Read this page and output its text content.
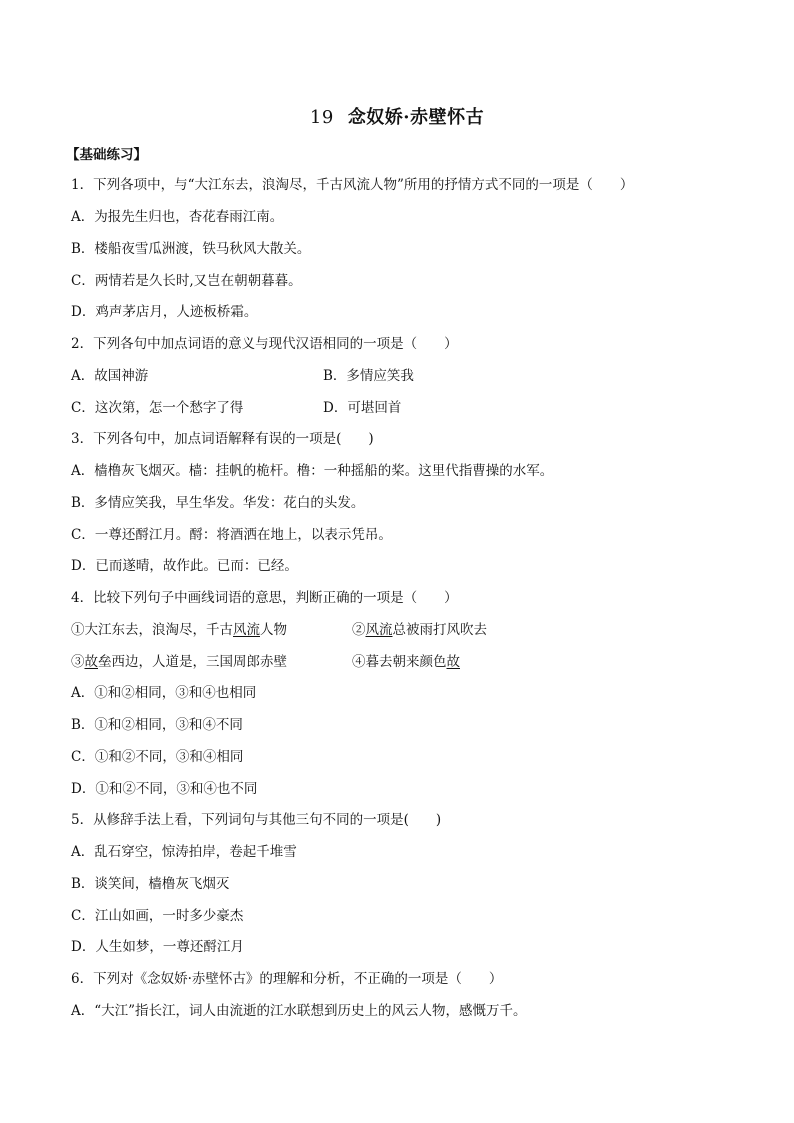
19 念奴娇·赤壁怀古
【基础练习】
1．下列各项中，与“大江东去，浪淘尽，千古风流人物”所用的抒情方式不同的一项是（　　）
A．为报先生归也，杏花春雨江南。
B．楼船夜雪瓜洲渡，铁马秋风大散关。
C．两情若是久长时,又岂在朝朝暮暮。
D．鸡声茅店月，人迹板桥霜。
2．下列各句中加点词语的意义与现代汉语相同的一项是（　　）
A．故国神游	B．多情应笑我
C．这次第，怎一个愁字了得	D．可堪回首
3．下列各句中，加点词语解释有误的一项是(　　)
A．樯橹灰飞烟灭。樯：挂帆的桅杆。橹：一种摇船的桨。这里代指曹操的水军。
B．多情应笑我，早生华发。华发：花白的头发。
C．一尊还酹江月。酹：将酒洒在地上，以表示凭吊。
D．已而遂晴，故作此。已而：已经。
4．比较下列句子中画线词语的意思，判断正确的一项是（　　）
①大江东去，浪淘尽，千古风流人物	②风流总被雨打风吹去
③故垒西边，人道是，三国周郎赤壁	④暮去朝来颜色故
A．①和②相同，③和④也相同
B．①和②相同，③和④不同
C．①和②不同，③和④相同
D．①和②不同，③和④也不同
5．从修辞手法上看，下列词句与其他三句不同的一项是(　　)
A．乱石穿空，惊涛拍岸，卷起千堆雪
B．谈笑间，樯橹灰飞烟灭
C．江山如画，一时多少豪杰
D．人生如梦，一尊还酹江月
6．下列对《念奴娇·赤壁怀古》的理解和分析，不正确的一项是（　　）
A．“大江”指长江，词人由流逝的江水联想到历史上的风云人物，感慨万千。
